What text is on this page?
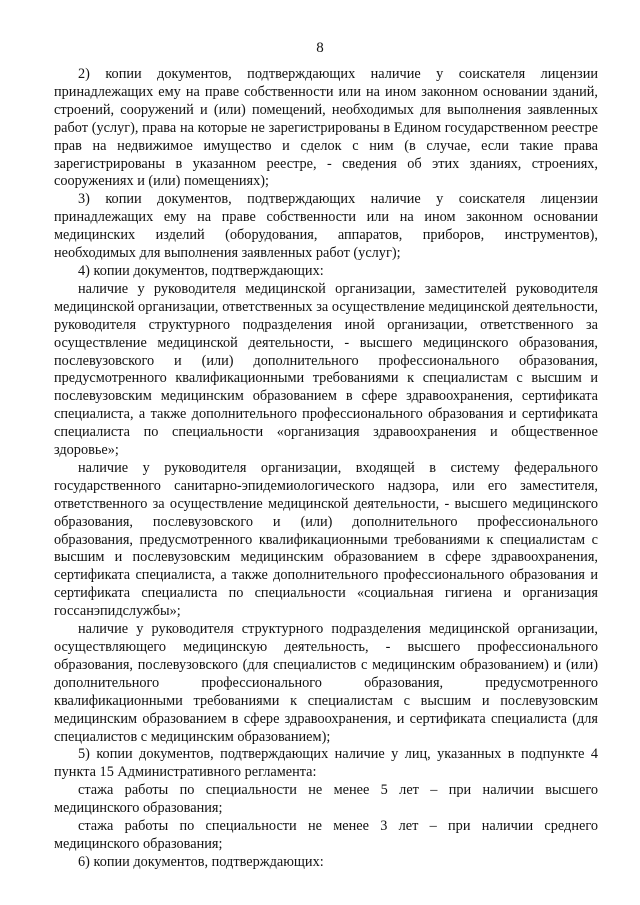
8

2) копии документов, подтверждающих наличие у соискателя лицензии принадлежащих ему на праве собственности или на ином законном основании зданий, строений, сооружений и (или) помещений, необходимых для выполнения заявленных работ (услуг), права на которые не зарегистрированы в Едином государственном реестре прав на недвижимое имущество и сделок с ним (в случае, если такие права зарегистрированы в указанном реестре, - сведения об этих зданиях, строениях, сооружениях и (или) помещениях);

3) копии документов, подтверждающих наличие у соискателя лицензии принадлежащих ему на праве собственности или на ином законном основании медицинских изделий (оборудования, аппаратов, приборов, инструментов), необходимых для выполнения заявленных работ (услуг);

4) копии документов, подтверждающих:

наличие у руководителя медицинской организации, заместителей руководителя медицинской организации, ответственных за осуществление медицинской деятельности, руководителя структурного подразделения иной организации, ответственного за осуществление медицинской деятельности, - высшего медицинского образования, послевузовского и (или) дополнительного профессионального образования, предусмотренного квалификационными требованиями к специалистам с высшим и послевузовским медицинским образованием в сфере здравоохранения, сертификата специалиста, а также дополнительного профессионального образования и сертификата специалиста по специальности «организация здравоохранения и общественное здоровье»;

наличие у руководителя организации, входящей в систему федерального государственного санитарно-эпидемиологического надзора, или его заместителя, ответственного за осуществление медицинской деятельности, - высшего медицинского образования, послевузовского и (или) дополнительного профессионального образования, предусмотренного квалификационными требованиями к специалистам с высшим и послевузовским медицинским образованием в сфере здравоохранения, сертификата специалиста, а также дополнительного профессионального образования и сертификата специалиста по специальности «социальная гигиена и организация госсанэпидслужбы»;

наличие у руководителя структурного подразделения медицинской организации, осуществляющего медицинскую деятельность, - высшего профессионального образования, послевузовского (для специалистов с медицинским образованием) и (или) дополнительного профессионального образования, предусмотренного квалификационными требованиями к специалистам с высшим и послевузовским медицинским образованием в сфере здравоохранения, и сертификата специалиста (для специалистов с медицинским образованием);

5) копии документов, подтверждающих наличие у лиц, указанных в подпункте 4 пункта 15 Административного регламента:

стажа работы по специальности не менее 5 лет – при наличии высшего медицинского образования;

стажа работы по специальности не менее 3 лет – при наличии среднего медицинского образования;

6) копии документов, подтверждающих:
